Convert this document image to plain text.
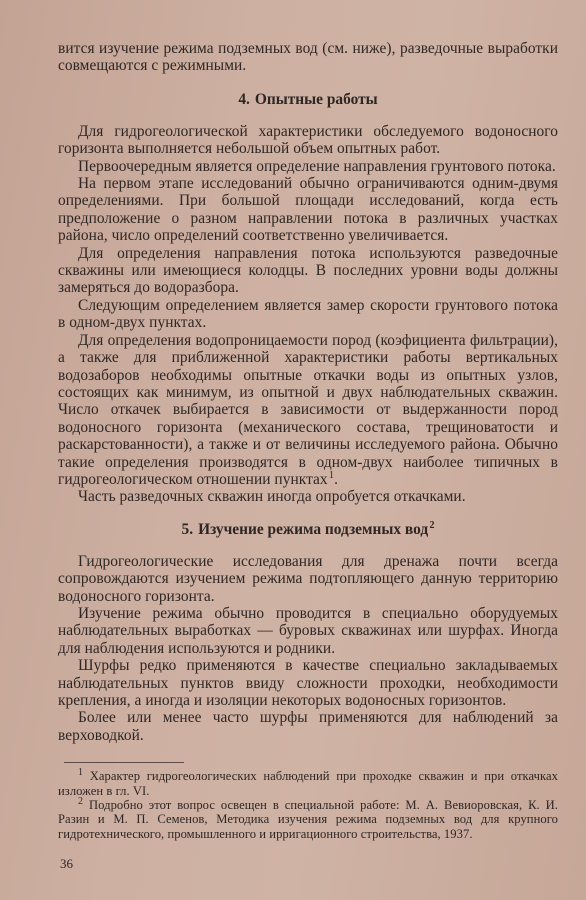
вится изучение режима подземных вод (см. ниже), разведочные выработки совмещаются с режимными.

4. Опытные работы

Для гидрогеологической характеристики обследуемого водоносного горизонта выполняется небольшой объем опытных работ.

Первоочередным является определение направления грунтового потока.

На первом этапе исследований обычно ограничиваются одним-двумя определениями. При большой площади исследований, когда есть предположение о разном направлении потока в различных участках района, число определений соответственно увеличивается.

Для определения направления потока используются разведочные скважины или имеющиеся колодцы. В последних уровни воды должны замеряться до водоразбора.

Следующим определением является замер скорости грунтового потока в одном-двух пунктах.

Для определения водопроницаемости пород (коэфициента фильтрации), а также для приближенной характеристики работы вертикальных водозаборов необходимы опытные откачки воды из опытных узлов, состоящих как минимум, из опытной и двух наблюдательных скважин. Число откачек выбирается в зависимости от выдержанности пород водоносного горизонта (механического состава, трещиноватости и раскарстованности), а также и от величины исследуемого района. Обычно такие определения производятся в одном-двух наиболее типичных в гидрогеологическом отношении пунктах $^1$.

Часть разведочных скважин иногда опробуется откачками.

5. Изучение режима подземных вод $^2$

Гидрогеологические исследования для дренажа почти всегда сопровождаются изучением режима подтопляющего данную территорию водоносного горизонта.

Изучение режима обычно проводится в специально оборудуемых наблюдательных выработках — буровых скважинах или шурфах. Иногда для наблюдения используются и родники.

Шурфы редко применяются в качестве специально закладываемых наблюдательных пунктов ввиду сложности проходки, необходимости крепления, а иногда и изоляции некоторых водоносных горизонтов.

Более или менее часто шурфы применяются для наблюдений за верховодкой.

$^1$ Характер гидрогеологических наблюдений при проходке скважин и при откачках изложен в гл. VI.

$^2$ Подробно этот вопрос освещен в специальной работе: М. А. Вевиоровская, К. И. Разин и М. П. Семенов, Методика изучения режима подземных вод для крупного гидротехнического, промышленного и ирригационного строительства, 1937.

36
